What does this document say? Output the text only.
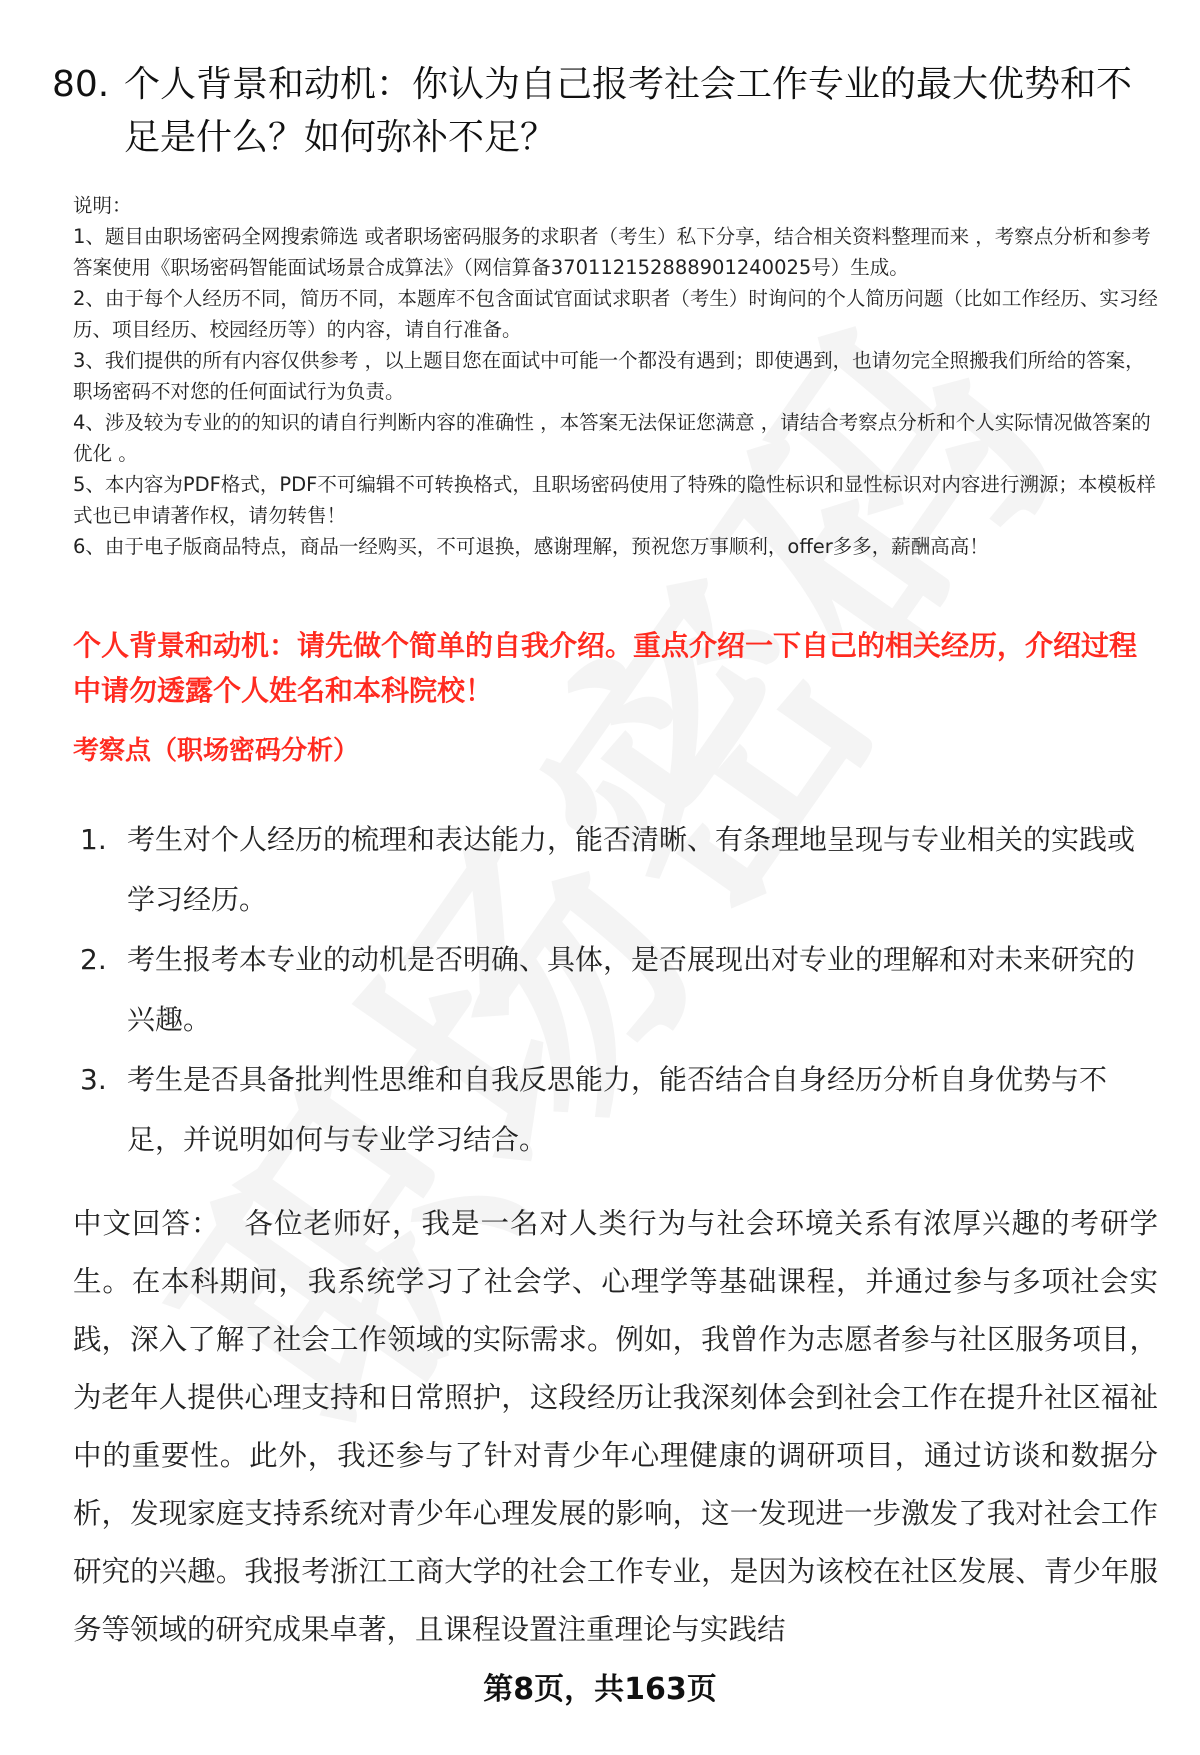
80. 个人背景和动机：你认为自己报考社会工作专业的最大优势和不足是什么？如何弥补不足？

说明：

1、题目由职场密码全网搜索筛选 或者职场密码服务的求职者（考生）私下分享，结合相关资料整理而来 ，考察点分析和参考答案使用《职场密码智能面试场景合成算法》（网信算备370112152888901240025号）生成。

2、由于每个人经历不同，简历不同，本题库不包含面试官面试求职者（考生）时询问的个人简历问题（比如工作经历、实习经历、项目经历、校园经历等）的内容，请自行准备。

3、我们提供的所有内容仅供参考 ，以上题目您在面试中可能一个都没有遇到；即使遇到，也请勿完全照搬我们所给的答案，职场密码不对您的任何面试行为负责。

4、涉及较为专业的的知识的请自行判断内容的准确性 ，本答案无法保证您满意 ，请结合考察点分析和个人实际情况做答案的优化 。

5、本内容为PDF格式，PDF不可编辑不可转换格式，且职场密码使用了特殊的隐性标识和显性标识对内容进行溯源；本模板样式也已申请著作权，请勿转售！

6、由于电子版商品特点，商品一经购买，不可退换，感谢理解，预祝您万事顺利，offer多多，薪酬高高！

个人背景和动机：请先做个简单的自我介绍。重点介绍一下自己的相关经历，介绍过程中请勿透露个人姓名和本科院校！
考察点（职场密码分析）
1. 考生对个人经历的梳理和表达能力，能否清晰、有条理地呈现与专业相关的实践或学习经历。
2. 考生报考本专业的动机是否明确、具体，是否展现出对专业的理解和对未来研究的兴趣。
3. 考生是否具备批判性思维和自我反思能力，能否结合自身经历分析自身优势与不足，并说明如何与专业学习结合。
中文回答： 各位老师好，我是一名对人类行为与社会环境关系有浓厚兴趣的考研学生。在本科期间，我系统学习了社会学、心理学等基础课程，并通过参与多项社会实践，深入了解了社会工作领域的实际需求。例如，我曾作为志愿者参与社区服务项目，为老年人提供心理支持和日常照护，这段经历让我深刻体会到社会工作在提升社区福祉中的重要性。此外，我还参与了针对青少年心理健康的调研项目，通过访谈和数据分析，发现家庭支持系统对青少年心理发展的影响，这一发现进一步激发了我对社会工作研究的兴趣。我报考浙江工商大学的社会工作专业，是因为该校在社区发展、青少年服务等领域的研究成果卓著，且课程设置注重理论与实践结
第8页，共163页
